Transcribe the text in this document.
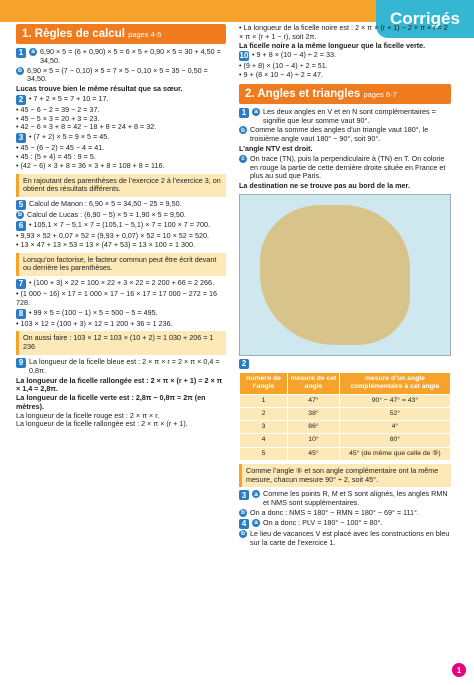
Corrigés
1. Règles de calcul pages 4-5
1	a 6,90 × 5 = (6 + 0,90) × 5 = 6 × 5 + 0,90 × 5 = 30 + 4,50 = 34,50.
b 6,90 × 5 = (7 − 0,10) × 5 = 7 × 5 − 0,10 × 5 = 35 − 0,50 = 34,50.
Lucas trouve bien le même résultat que sa sœur.
2 • 7 + 2 × 5 = 7 + 10 = 17.
• 45 − 6 − 2 = 39 − 2 = 37.
• 45 − 5 × 3 = 20 + 3 = 23.
• 42 − 6 × 3 + 8 = 42 − 18 + 8 = 24 + 8 = 32.
3 • (7 + 2) × 5 = 9 × 5 = 45.
• 45 − (6 − 2) = 45 − 4 = 41.
• 45 : (5 + 4) = 45 : 9 = 5.
• (42 − 6) × 3 + 8 = 36 × 3 + 8 = 108 + 8 = 116.
En rajoutant des parenthèses de l’exercice 2 à l’exercice 3, on obtient des résultats différents.
5 Calcul de Manon : 6,90 × 5 = 34,50 − 25 = 9,50.
b Calcul de Lucas : (6,90 − 5) × 5 = 1,90 × 5 = 9,50.
6 • 105,1 × 7 − 5,1 × 7 = (105,1 − 5,1) × 7 = 100 × 7 = 700.
• 9,93 × 52 + 0,07 × 52 = (9,93 + 0,07) × 52 = 10 × 52 = 520.
• 13 × 47 + 13 × 53 = 13 × (47 + 53) = 13 × 100 = 1 300.
Lorsqu’on factorise, le facteur commun peut être écrit devant ou derrière les parenthèses.
7 • (100 + 3) × 22 = 100 × 22 + 3 × 22 = 2 200 + 66 = 2 266.
• (1 000 − 16) × 17 = 1 000 × 17 − 16 × 17 = 17 000 − 272 = 16 728.
8 • 99 × 5 = (100 − 1) × 5 = 500 − 5 = 495.
• 103 × 12 = (100 + 3) × 12 = 1 200 + 36 = 1 236.
On aussi faire : 103 × 12 = 103 × (10 + 2) = 1 030 + 206 = 1 236
9 La longueur de la ficelle bleue est : 2 × π × r = 2 × π × 0,4 = 0,8π.
La longueur de la ficelle rallongée est : 2 × π × (r + 1) = 2 × π × 1,4 = 2,8π.
La longueur de la ficelle verte est : 2,8π − 0,8π = 2π (en mètres).
La longueur de la ficelle rouge est : 2 × π × r.
La longueur de la ficelle rallongée est : 2 × π × (r + 1).
• La longueur de la ficelle noire est : 2 × π × (r + 1) − 2 × π × r = 2 × π × (r + 1 − r), soit 2π.
La ficelle noire a la même longueur que la ficelle verte.
10 • 9 + 8 × (10 − 4) ÷ 2 = 33.
• (9 + 8) × (10 − 4) ÷ 2 = 51.
• 9 + (8 × 10 − 4) ÷ 2 = 47.
2. Angles et triangles pages 6-7
1	a Les deux angles en V et en N sont complémentaires = signifie que leur somme vaut 90°.
b Comme la somme des angles d’un triangle vaut 180°, le troisième angle vaut 180° − 90°, soit 90°.
L’angle NTV est droit.
c On trace (TN), puis la perpendiculaire à (TN) en T. On colorie en rouge la partie de cette dernière droite située en France et plus au sud que Paris.
La destination ne se trouve pas au bord de la mer.
2
numéro de l’angle	mesure de cet angle	mesure d’un angle complémentaire à cet angle
1	47°	90° − 47° = 43°
2	38°	52°
3	86°	4°
4	10°	80°
5	45°	45° (de même que celle de ⑤)
Comme l’angle ⑤ et son angle complémentaire ont la même mesure, chacun mesure 90° ÷ 2, soit 45°.
3	a Comme les points R, M et S sont alignés, les angles RMN et NMS sont supplémentaires.
b On a donc : NMS = 180° − RMN = 180° − 69° = 111°.
4	a On a donc : PLV = 180° − 100° = 80°.
b Le lieu de vacances V est placé avec les constructions en bleu sur la carte de l’exercice 1.
1
